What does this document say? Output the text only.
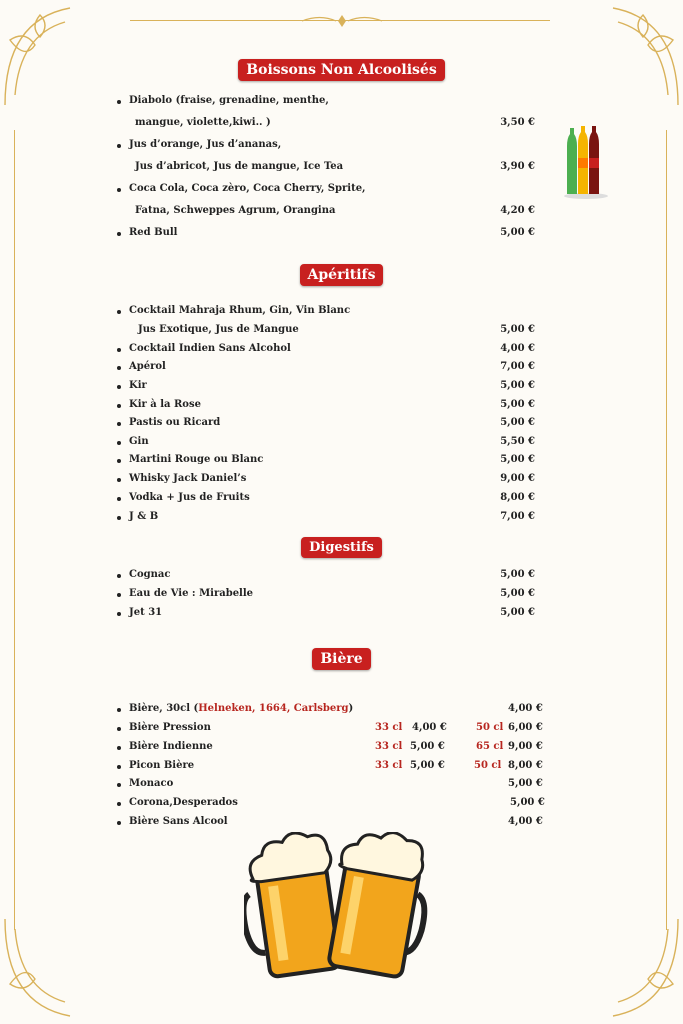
Boissons Non Alcoolisés
Diabolo (fraise, grenadine, menthe,
mangue, violette,kiwi.. )	3,50 €
Jus d’orange, Jus d’ananas,
Jus d’abricot, Jus de mangue, Ice Tea	3,90 €
Coca Cola, Coca zèro, Coca Cherry, Sprite,
Fatna, Schweppes Agrum, Orangina	4,20 €
Red Bull	5,00 €
Apéritifs
Cocktail Mahraja Rhum, Gin, Vin Blanc
Jus Exotique, Jus de Mangue	5,00 €
Cocktail Indien Sans Alcohol	4,00 €
Apérol	7,00 €
Kir	5,00 €
Kir à la Rose	5,00 €
Pastis ou Ricard	5,00 €
Gin	5,50 €
Martini Rouge ou Blanc	5,00 €
Whisky Jack Daniel’s	9,00 €
Vodka + Jus de Fruits	8,00 €
J & B	7,00 €
Digestifs
Cognac	5,00 €
Eau de Vie : Mirabelle	5,00 €
Jet 31	5,00 €
Bière
Bière, 30cl (Helneken, 1664, Carlsberg)	4,00 €
Bière Pression	33 cl 4,00 €	50 cl 6,00 €
Bière Indienne	33 cl 5,00 €	65 cl 9,00 €
Picon Bière	33 cl 5,00 €	50 cl 8,00 €
Monaco	5,00 €
Corona,Desperados	5,00 €
Bière Sans Alcool	4,00 €
